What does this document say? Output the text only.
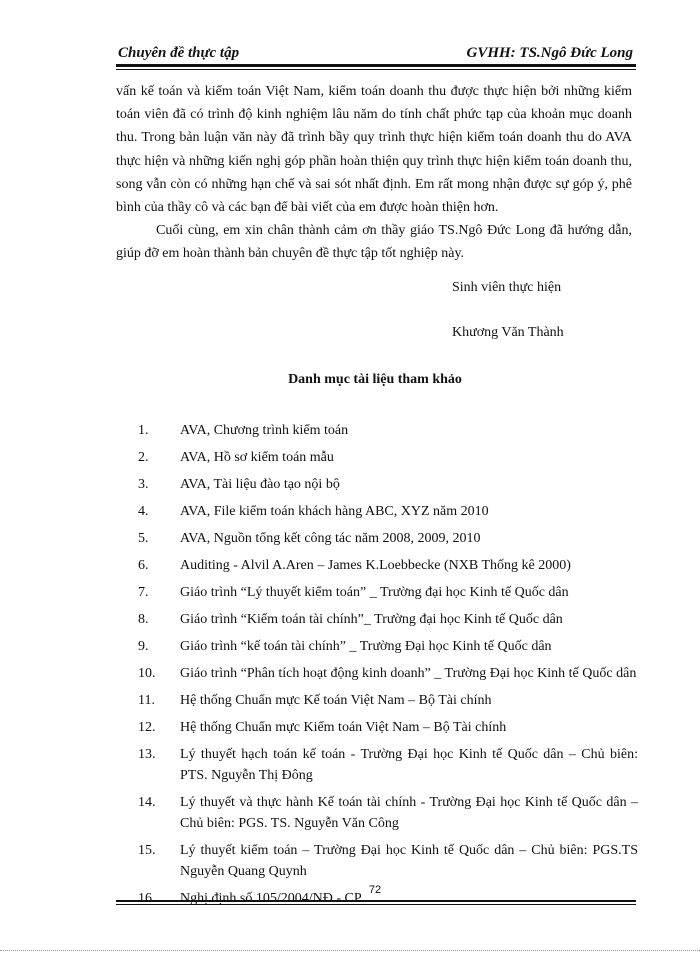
Chuyên đề thực tập	GVHH: TS.Ngô Đức Long

vấn kế toán và kiểm toán Việt Nam, kiểm toán doanh thu được thực hiện bởi những kiểm toán viên đã có trình độ kinh nghiệm lâu năm do tính chất phức tạp của khoản mục doanh thu. Trong bản luận văn này đã trình bầy quy trình thực hiện kiểm toán doanh thu do AVA thực hiện và những kiến nghị góp phần hoàn thiện quy trình thực hiện kiểm toán doanh thu, song vẫn còn có những hạn chế và sai sót nhất định. Em rất mong nhận được sự góp ý, phê bình của thầy cô và các bạn để bài viết của em được hoàn thiện hơn.

Cuối cùng, em xin chân thành cảm ơn thầy giáo TS.Ngô Đức Long đã hướng dẫn, giúp đỡ em hoàn thành bản chuyên đề thực tập tốt nghiệp này.

Sinh viên thực hiện
Khương Văn Thành
Danh mục tài liệu tham khảo
1.	AVA, Chương trình kiểm toán
2.	AVA, Hồ sơ kiểm toán mẫu
3.	AVA, Tài liệu đào tạo nội bộ
4.	AVA, File kiểm toán khách hàng ABC, XYZ năm 2010
5.	AVA, Nguồn tổng kết công tác năm 2008, 2009, 2010
6.	Auditing - Alvil A.Aren – James K.Loebbecke (NXB Thống kê 2000)
7.	Giáo trình “Lý thuyết kiểm toán” _ Trường đại học Kinh tế Quốc dân
8.	Giáo trình “Kiểm toán tài chính”_ Trường đại học Kinh tế Quốc dân
9.	Giáo trình “kế toán tài chính” _ Trường Đại học Kinh tế Quốc dân
10.	Giáo trình “Phân tích hoạt động kinh doanh” _ Trường Đại học Kinh tế Quốc dân
11.	Hệ thống Chuẩn mực Kế toán Việt Nam – Bộ Tài chính
12.	Hệ thống Chuẩn mực Kiểm toán Việt Nam – Bộ Tài chính
13.	Lý thuyết hạch toán kế toán - Trường Đại học Kinh tế Quốc dân – Chủ biên: PTS. Nguyễn Thị Đông
14.	Lý thuyết và thực hành Kế toán tài chính - Trường Đại học Kinh tế Quốc dân – Chủ biên: PGS. TS. Nguyễn Văn Công
15.	Lý thuyết kiểm toán – Trường Đại học Kinh tế Quốc dân – Chủ biên: PGS.TS Nguyễn Quang Quynh
16.	Nghị định số 105/2004/NĐ - CP
72
